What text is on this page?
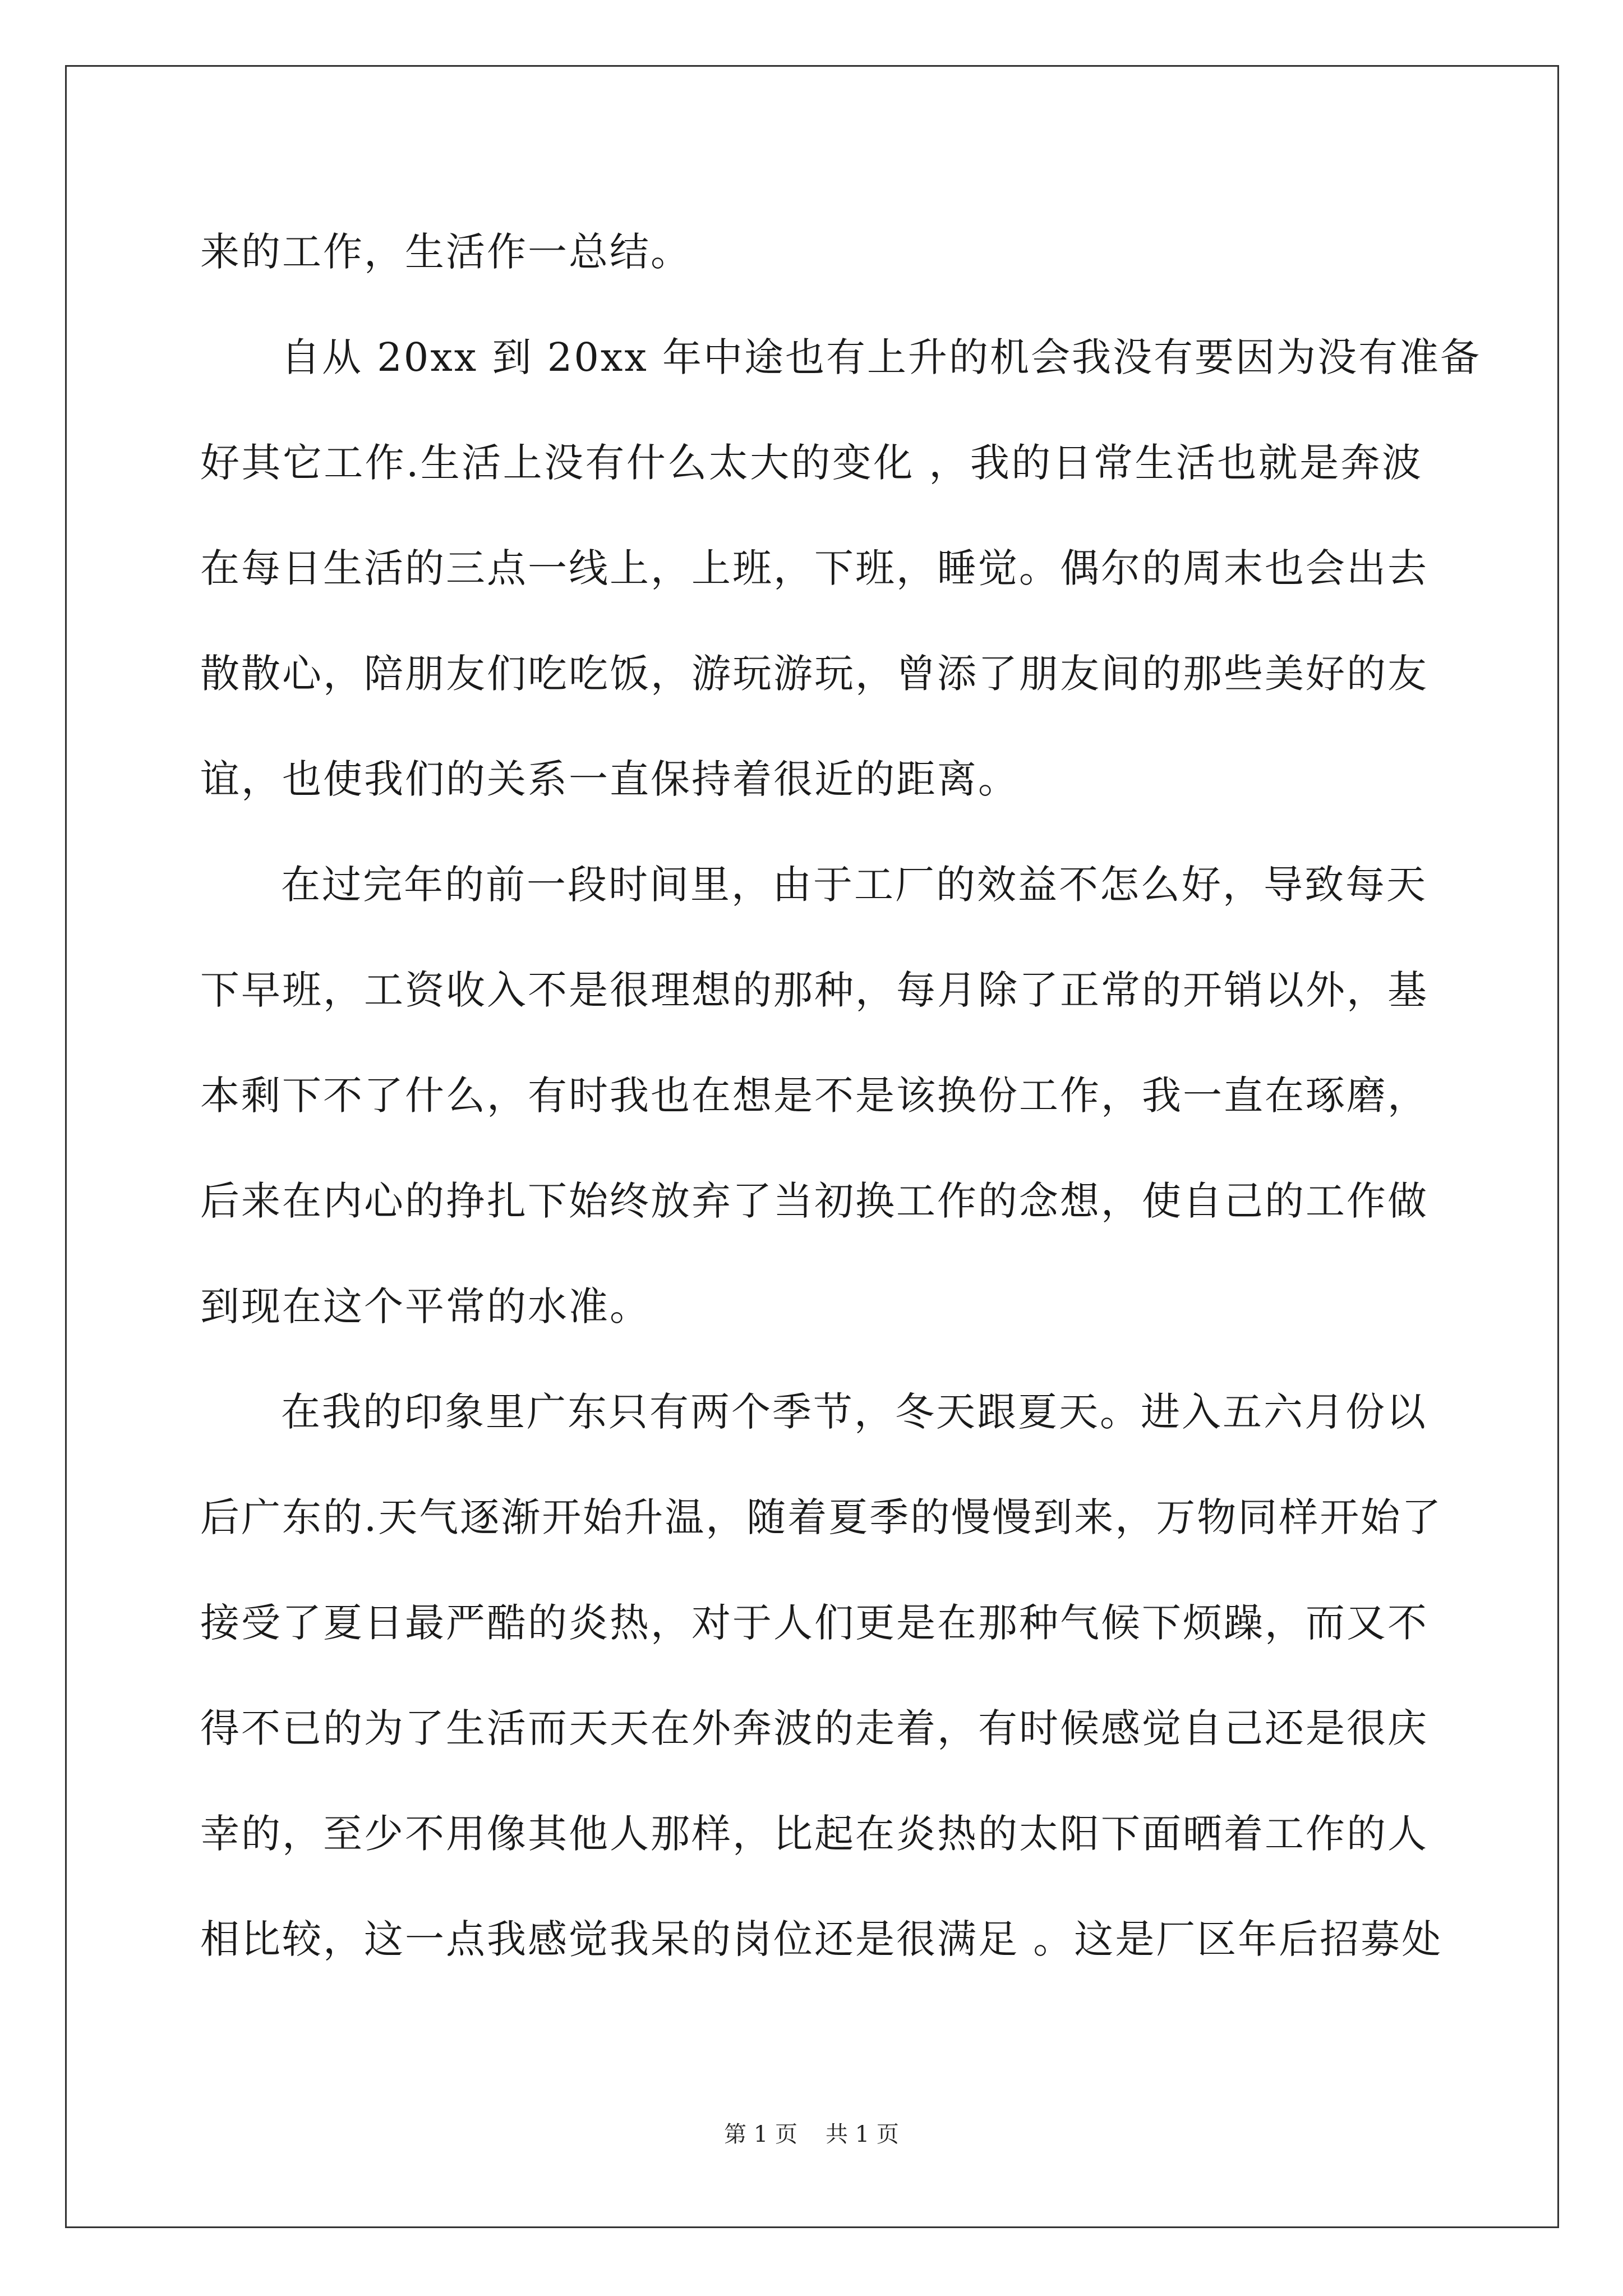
来的工作，生活作一总结。
自从 20xx 到 20xx 年中途也有上升的机会我没有要因为没有准备
好其它工作.生活上没有什么太大的变化 ，我的日常生活也就是奔波
在每日生活的三点一线上，上班，下班，睡觉。偶尔的周末也会出去
散散心，陪朋友们吃吃饭，游玩游玩，曾添了朋友间的那些美好的友
谊，也使我们的关系一直保持着很近的距离。
在过完年的前一段时间里，由于工厂的效益不怎么好，导致每天
下早班，工资收入不是很理想的那种，每月除了正常的开销以外，基
本剩下不了什么，有时我也在想是不是该换份工作，我一直在琢磨，
后来在内心的挣扎下始终放弃了当初换工作的念想，使自己的工作做
到现在这个平常的水准。
在我的印象里广东只有两个季节，冬天跟夏天。进入五六月份以
后广东的.天气逐渐开始升温，随着夏季的慢慢到来，万物同样开始了
接受了夏日最严酷的炎热，对于人们更是在那种气候下烦躁，而又不
得不已的为了生活而天天在外奔波的走着，有时候感觉自己还是很庆
幸的，至少不用像其他人那样，比起在炎热的太阳下面晒着工作的人
相比较，这一点我感觉我呆的岗位还是很满足 。这是厂区年后招募处
第 1 页 共 1 页
